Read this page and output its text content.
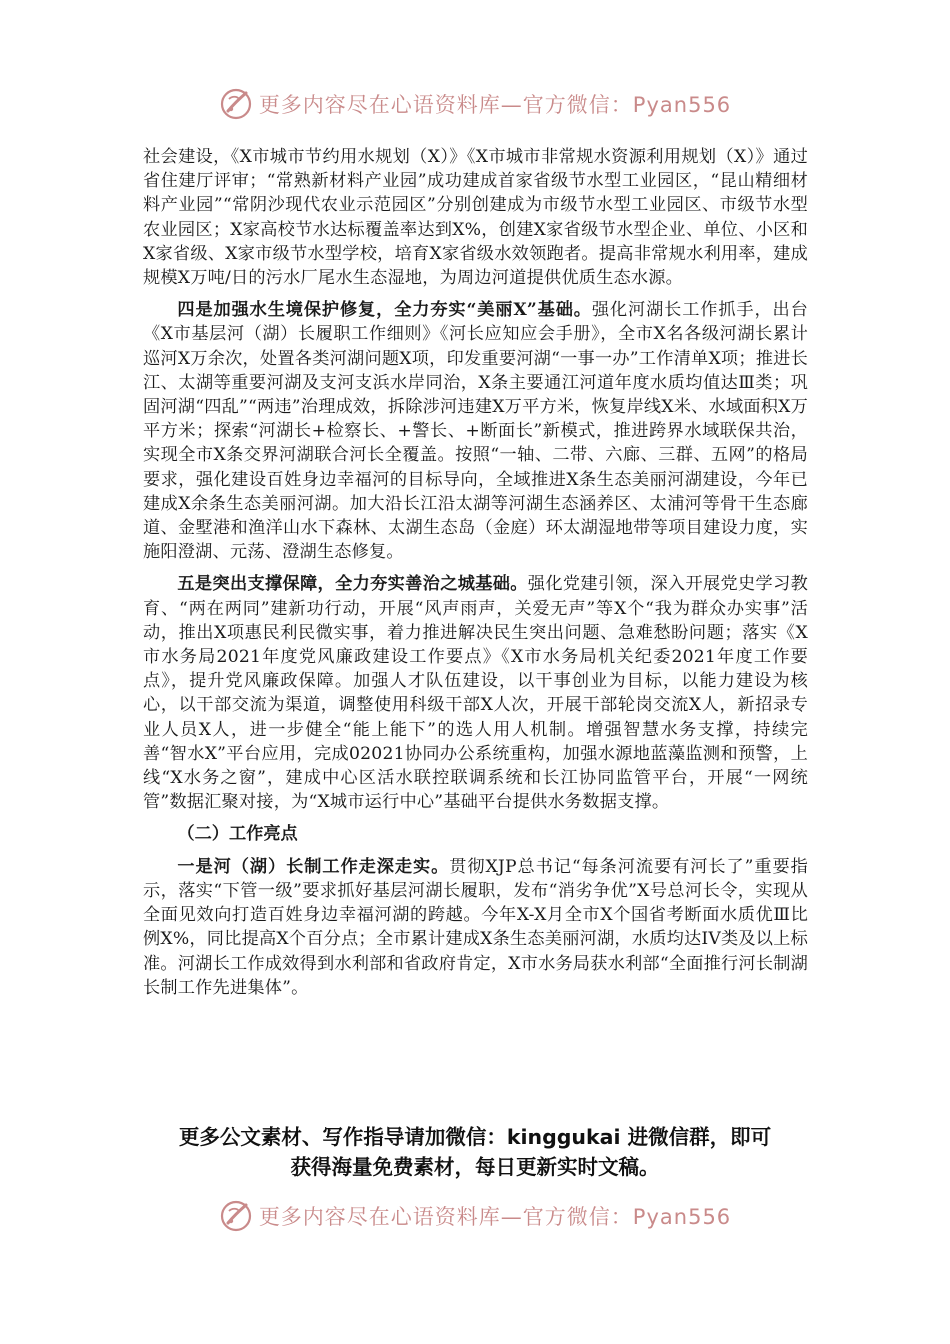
更多内容尽在心语资料库—官方微信：Pyan556

社会建设，《X市城市节约用水规划（X）》《X市城市非常规水资源利用规划（X）》通过省住建厅评审；“常熟新材料产业园”成功建成首家省级节水型工业园区，“昆山精细材料产业园”“常阴沙现代农业示范园区”分别创建成为市级节水型工业园区、市级节水型农业园区；X家高校节水达标覆盖率达到X%，创建X家省级节水型企业、单位、小区和X家省级、X家市级节水型学校，培育X家省级水效领跑者。提高非常规水利用率，建成规模X万吨/日的污水厂尾水生态湿地，为周边河道提供优质生态水源。

四是加强水生境保护修复，全力夯实“美丽X”基础。强化河湖长工作抓手，出台《X市基层河（湖）长履职工作细则》《河长应知应会手册》，全市X名各级河湖长累计巡河X万余次，处置各类河湖问题X项，印发重要河湖“一事一办”工作清单X项；推进长江、太湖等重要河湖及支河支浜水岸同治，X条主要通江河道年度水质均值达Ⅲ类；巩固河湖“四乱”“两违”治理成效，拆除涉河违建X万平方米，恢复岸线X米、水域面积X万平方米；探索“河湖长+检察长、+警长、+断面长”新模式，推进跨界水域联保共治，实现全市X条交界河湖联合河长全覆盖。按照“一轴、二带、六廊、三群、五网”的格局要求，强化建设百姓身边幸福河的目标导向，全域推进X条生态美丽河湖建设，今年已建成X余条生态美丽河湖。加大沿长江沿太湖等河湖生态涵养区、太浦河等骨干生态廊道、金墅港和渔洋山水下森林、太湖生态岛（金庭）环太湖湿地带等项目建设力度，实施阳澄湖、元荡、澄湖生态修复。

五是突出支撑保障，全力夯实善治之城基础。强化党建引领，深入开展党史学习教育、“两在两同”建新功行动，开展“风声雨声，关爱无声”等X个“我为群众办实事”活动，推出X项惠民利民微实事，着力推进解决民生突出问题、急难愁盼问题；落实《X市水务局2021年度党风廉政建设工作要点》《X市水务局机关纪委2021年度工作要点》，提升党风廉政保障。加强人才队伍建设，以干事创业为目标，以能力建设为核心，以干部交流为渠道，调整使用科级干部X人次，开展干部轮岗交流X人，新招录专业人员X人，进一步健全“能上能下”的选人用人机制。增强智慧水务支撑，持续完善“智水X”平台应用，完成02021协同办公系统重构，加强水源地蓝藻监测和预警，上线“X水务之窗”，建成中心区活水联控联调系统和长江协同监管平台，开展“一网统管”数据汇聚对接，为“X城市运行中心”基础平台提供水务数据支撑。

（二）工作亮点

一是河（湖）长制工作走深走实。贯彻XJP总书记“每条河流要有河长了”重要指示，落实“下管一级”要求抓好基层河湖长履职，发布“消劣争优”X号总河长令，实现从全面见效向打造百姓身边幸福河湖的跨越。今年X-X月全市X个国省考断面水质优Ⅲ比例X%，同比提高X个百分点；全市累计建成X条生态美丽河湖，水质均达IV类及以上标准。河湖长工作成效得到水利部和省政府肯定，X市水务局获水利部“全面推行河长制湖长制工作先进集体”。

更多公文素材、写作指导请加微信：kinggukai 进微信群，即可
获得海量免费素材，每日更新实时文稿。
更多内容尽在心语资料库—官方微信：Pyan556
